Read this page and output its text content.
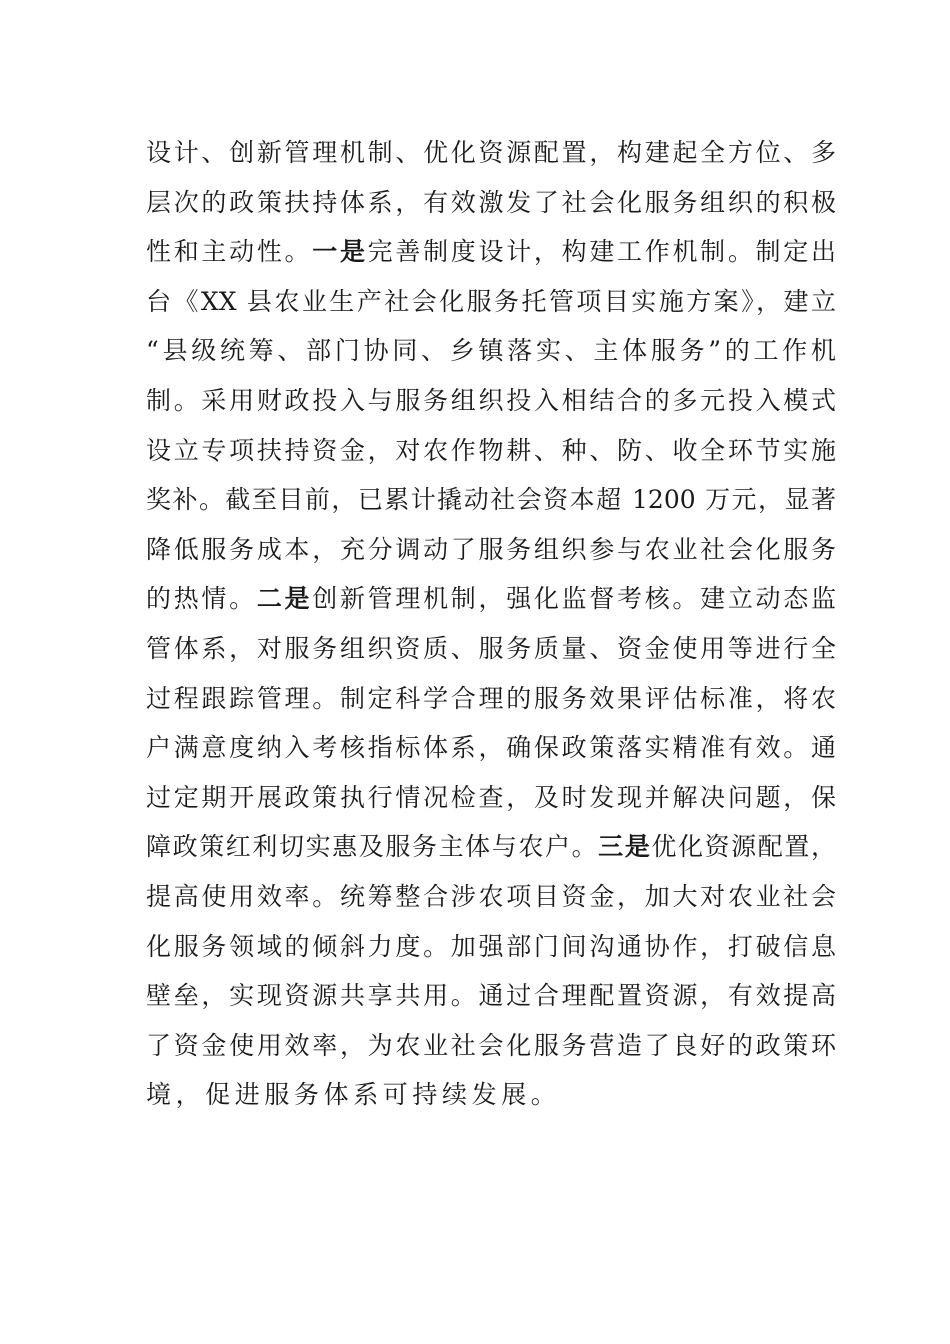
设计、创新管理机制、优化资源配置，构建起全方位、多
层次的政策扶持体系，有效激发了社会化服务组织的积极
性和主动性。一是完善制度设计，构建工作机制。制定出
台《XX 县农业生产社会化服务托管项目实施方案》，建立
“县级统筹、部门协同、乡镇落实、主体服务”的工作机
制。采用财政投入与服务组织投入相结合的多元投入模式
设立专项扶持资金，对农作物耕、种、防、收全环节实施
奖补。截至目前，已累计撬动社会资本超 1200 万元，显著
降低服务成本，充分调动了服务组织参与农业社会化服务
的热情。二是创新管理机制，强化监督考核。建立动态监
管体系，对服务组织资质、服务质量、资金使用等进行全
过程跟踪管理。制定科学合理的服务效果评估标准，将农
户满意度纳入考核指标体系，确保政策落实精准有效。通
过定期开展政策执行情况检查，及时发现并解决问题，保
障政策红利切实惠及服务主体与农户。三是优化资源配置，
提高使用效率。统筹整合涉农项目资金，加大对农业社会
化服务领域的倾斜力度。加强部门间沟通协作，打破信息
壁垒，实现资源共享共用。通过合理配置资源，有效提高
了资金使用效率，为农业社会化服务营造了良好的政策环
境，促进服务体系可持续发展。
